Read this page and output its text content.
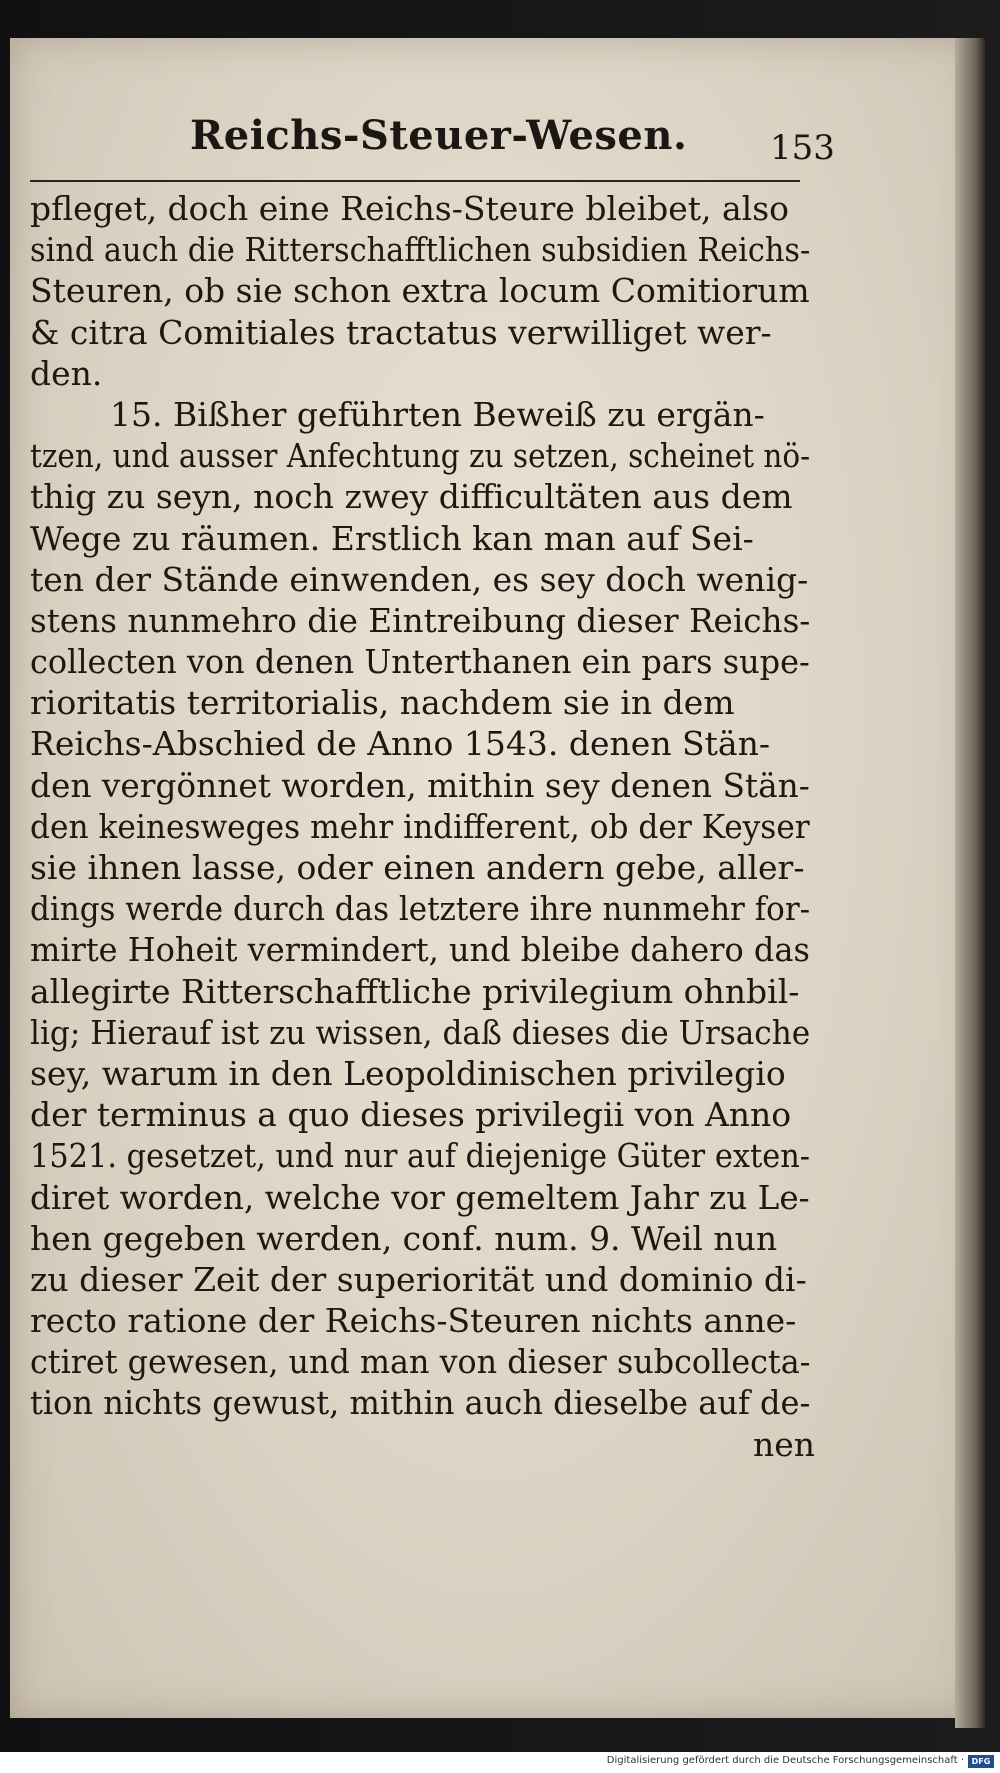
Reichs-Steuer-Wesen. 153
pfleget, doch eine Reichs-Steure bleibet, also
sind auch die Ritterschafftlichen subsidien Reichs-
Steuren, ob sie schon extra locum Comitiorum
& citra Comitiales tractatus verwilliget wer-
den.
15. Bißher geführten Beweiß zu ergän-
tzen, und ausser Anfechtung zu setzen, scheinet nö-
thig zu seyn, noch zwey difficultäten aus dem
Wege zu räumen. Erstlich kan man auf Sei-
ten der Stände einwenden, es sey doch wenig-
stens nunmehro die Eintreibung dieser Reichs-
collecten von denen Unterthanen ein pars supe-
rioritatis territorialis, nachdem sie in dem
Reichs-Abschied de Anno 1543. denen Stän-
den vergönnet worden, mithin sey denen Stän-
den keinesweges mehr indifferent, ob der Keyser
sie ihnen lasse, oder einen andern gebe, aller-
dings werde durch das letztere ihre nunmehr for-
mirte Hoheit vermindert, und bleibe dahero das
allegirte Ritterschafftliche privilegium ohnbil-
lig; Hierauf ist zu wissen, daß dieses die Ursache
sey, warum in den Leopoldinischen privilegio
der terminus a quo dieses privilegii von Anno
1521. gesetzet, und nur auf diejenige Güter exten-
diret worden, welche vor gemeltem Jahr zu Le-
hen gegeben werden, conf. num. 9. Weil nun
zu dieser Zeit der superiorität und dominio di-
recto ratione der Reichs-Steuren nichts anne-
ctiret gewesen, und man von dieser subcollecta-
tion nichts gewust, mithin auch dieselbe auf de-
nen
Digitalisierung gefördert durch die Deutsche Forschungsgemeinschaft · DFG
